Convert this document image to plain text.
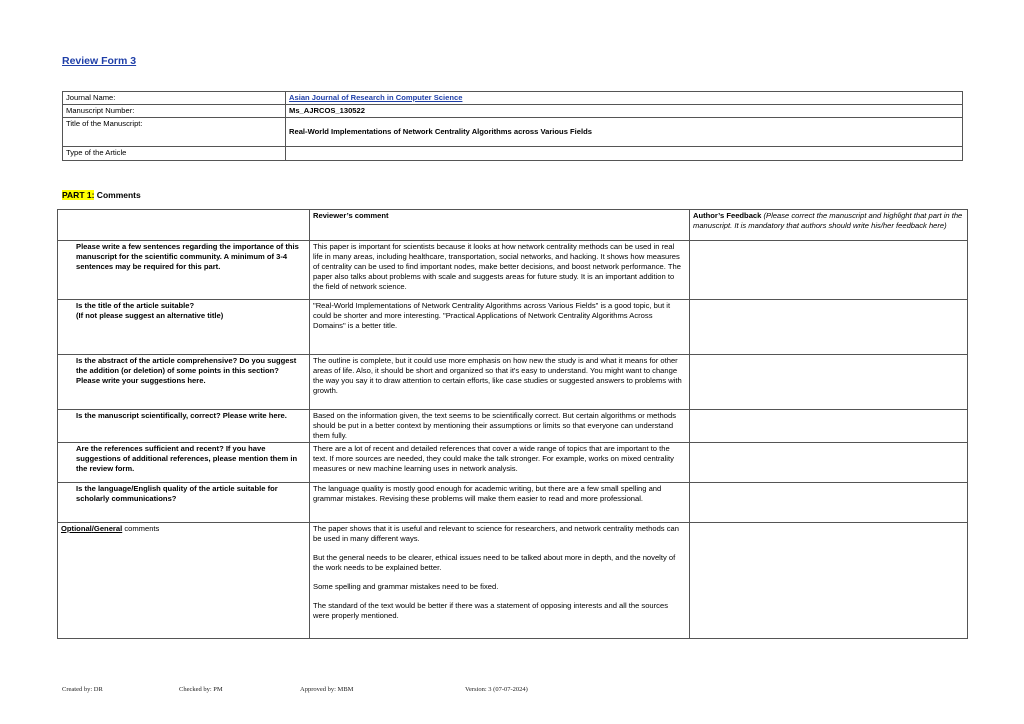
Review Form 3
Journal Name:	Asian Journal of Research in Computer Science
Manuscript Number:	Ms_AJRCOS_130522
Title of the Manuscript:	Real-World Implementations of Network Centrality Algorithms across Various Fields
Type of the Article	
PART 1: Comments
	Reviewer’s comment	Author’s Feedback (Please correct the manuscript and highlight that part in the manuscript. It is mandatory that authors should write his/her feedback here)
Please write a few sentences regarding the importance of this manuscript for the scientific community. A minimum of 3-4 sentences may be required for this part.	This paper is important for scientists because it looks at how network centrality methods can be used in real life in many areas, including healthcare, transportation, social networks, and hacking. It shows how measures of centrality can be used to find important nodes, make better decisions, and boost network performance. The paper also talks about problems with scale and suggests areas for future study. It is an important addition to the field of network science.	
Is the title of the article suitable?
(If not please suggest an alternative title)	"Real-World Implementations of Network Centrality Algorithms across Various Fields" is a good topic, but it could be shorter and more interesting. "Practical Applications of Network Centrality Algorithms Across Domains" is a better title.	
Is the abstract of the article comprehensive? Do you suggest the addition (or deletion) of some points in this section? Please write your suggestions here.	The outline is complete, but it could use more emphasis on how new the study is and what it means for other areas of life. Also, it should be short and organized so that it's easy to understand. You might want to change the way you say it to draw attention to certain efforts, like case studies or suggested answers to problems with growth.	
Is the manuscript scientifically, correct? Please write here.	Based on the information given, the text seems to be scientifically correct. But certain algorithms or methods should be put in a better context by mentioning their assumptions or limits so that everyone can understand them fully.	
Are the references sufficient and recent? If you have suggestions of additional references, please mention them in the review form.	There are a lot of recent and detailed references that cover a wide range of topics that are important to the text. If more sources are needed, they could make the talk stronger. For example, works on mixed centrality measures or new machine learning uses in network analysis.	
Is the language/English quality of the article suitable for scholarly communications?	The language quality is mostly good enough for academic writing, but there are a few small spelling and grammar mistakes. Revising these problems will make them easier to read and more professional.	
Optional/General comments	The paper shows that it is useful and relevant to science for researchers, and network centrality methods can be used in many different ways.

But the general needs to be clearer, ethical issues need to be talked about more in depth, and the novelty of the work needs to be explained better.

Some spelling and grammar mistakes need to be fixed.

The standard of the text would be better if there was a statement of opposing interests and all the sources were properly mentioned.	

Created by: DR	Checked by: PM	Approved by: MBM	Version: 3 (07-07-2024)
